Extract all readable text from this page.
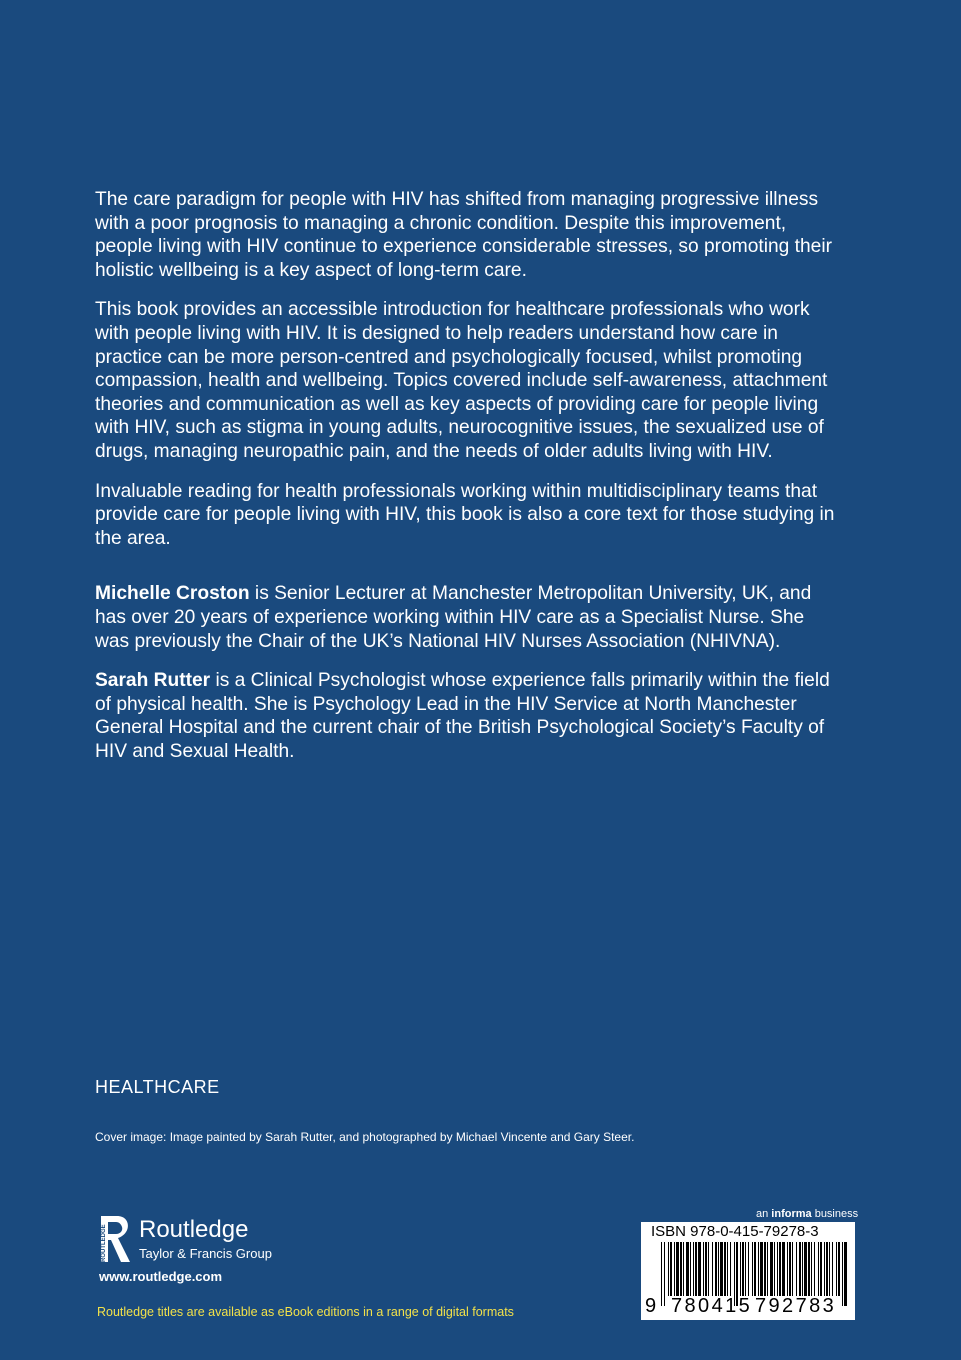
The care paradigm for people with HIV has shifted from managing progressive illness with a poor prognosis to managing a chronic condition. Despite this improvement, people living with HIV continue to experience considerable stresses, so promoting their holistic wellbeing is a key aspect of long-term care.

This book provides an accessible introduction for healthcare professionals who work with people living with HIV. It is designed to help readers understand how care in practice can be more person-centred and psychologically focused, whilst promoting compassion, health and wellbeing. Topics covered include self-awareness, attachment theories and communication as well as key aspects of providing care for people living with HIV, such as stigma in young adults, neurocognitive issues, the sexualized use of drugs, managing neuropathic pain, and the needs of older adults living with HIV.

Invaluable reading for health professionals working within multidisciplinary teams that provide care for people living with HIV, this book is also a core text for those studying in the area.

Michelle Croston is Senior Lecturer at Manchester Metropolitan University, UK, and has over 20 years of experience working within HIV care as a Specialist Nurse. She was previously the Chair of the UK’s National HIV Nurses Association (NHIVNA).

Sarah Rutter is a Clinical Psychologist whose experience falls primarily within the field of physical health. She is Psychology Lead in the HIV Service at North Manchester General Hospital and the current chair of the British Psychological Society’s Faculty of HIV and Sexual Health.

HEALTHCARE
Cover image: Image painted by Sarah Rutter, and photographed by Michael Vincente and Gary Steer.
ROUTLEDGE Routledge
Taylor & Francis Group
www.routledge.com
Routledge titles are available as eBook editions in a range of digital formats
an informa business
ISBN 978-0-415-79278-3
9 780415 792783
